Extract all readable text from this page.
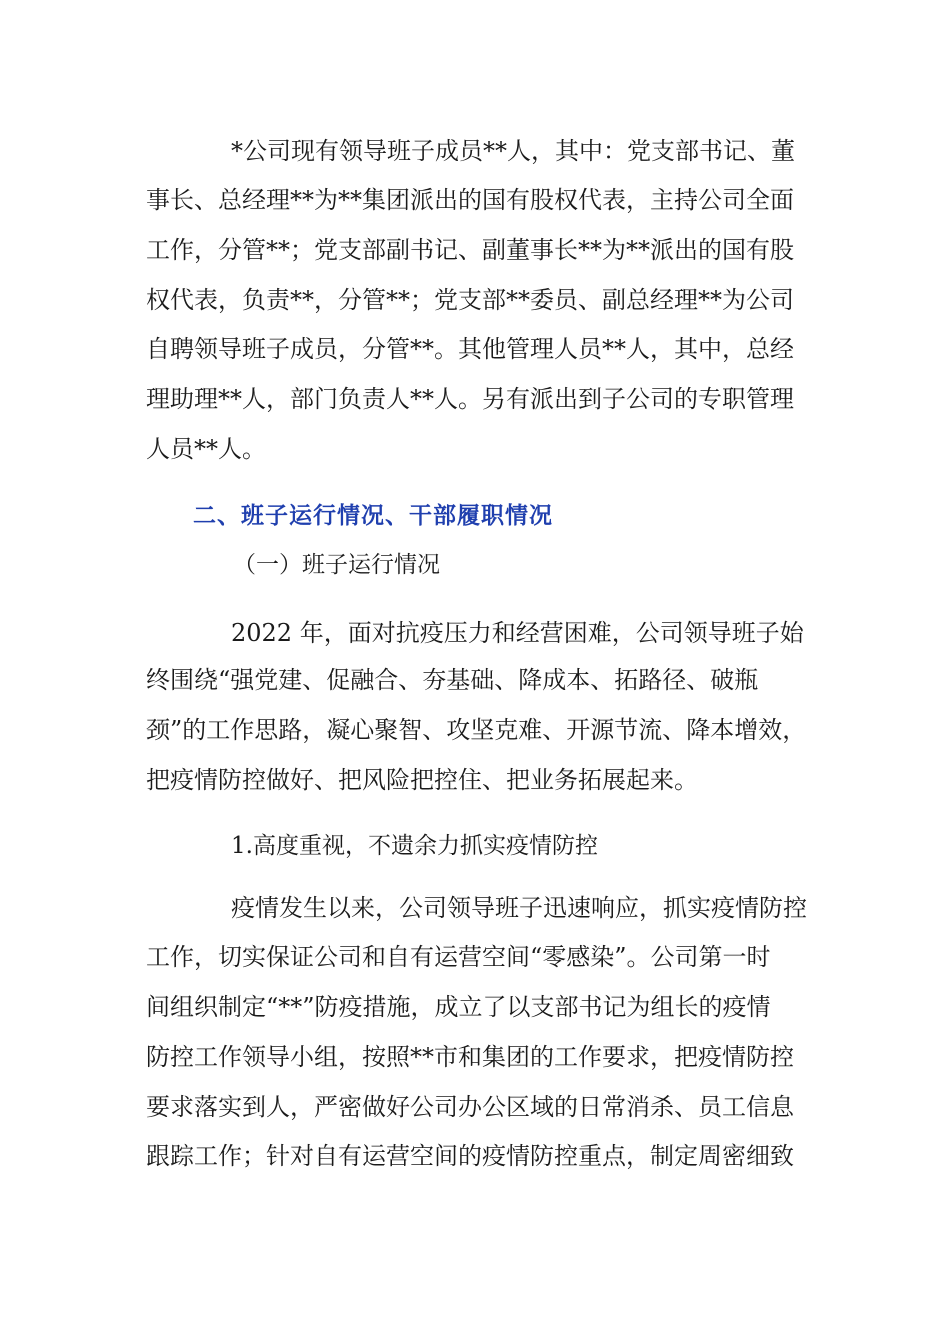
*公司现有领导班子成员**人，其中：党支部书记、董
事长、总经理**为**集团派出的国有股权代表，主持公司全面
工作，分管**；党支部副书记、副董事长**为**派出的国有股
权代表，负责**，分管**；党支部**委员、副总经理**为公司
自聘领导班子成员，分管**。其他管理人员**人，其中，总经
理助理**人，部门负责人**人。另有派出到子公司的专职管理
人员**人。
二、班子运行情况、干部履职情况
（一）班子运行情况
2022 年，面对抗疫压力和经营困难，公司领导班子始
终围绕“强党建、促融合、夯基础、降成本、拓路径、破瓶
颈”的工作思路，凝心聚智、攻坚克难、开源节流、降本增效，
把疫情防控做好、把风险把控住、把业务拓展起来。
1.高度重视，不遗余力抓实疫情防控
疫情发生以来，公司领导班子迅速响应，抓实疫情防控
工作，切实保证公司和自有运营空间“零感染”。公司第一时
间组织制定“**”防疫措施，成立了以支部书记为组长的疫情
防控工作领导小组，按照**市和集团的工作要求，把疫情防控
要求落实到人，严密做好公司办公区域的日常消杀、员工信息
跟踪工作；针对自有运营空间的疫情防控重点，制定周密细致
